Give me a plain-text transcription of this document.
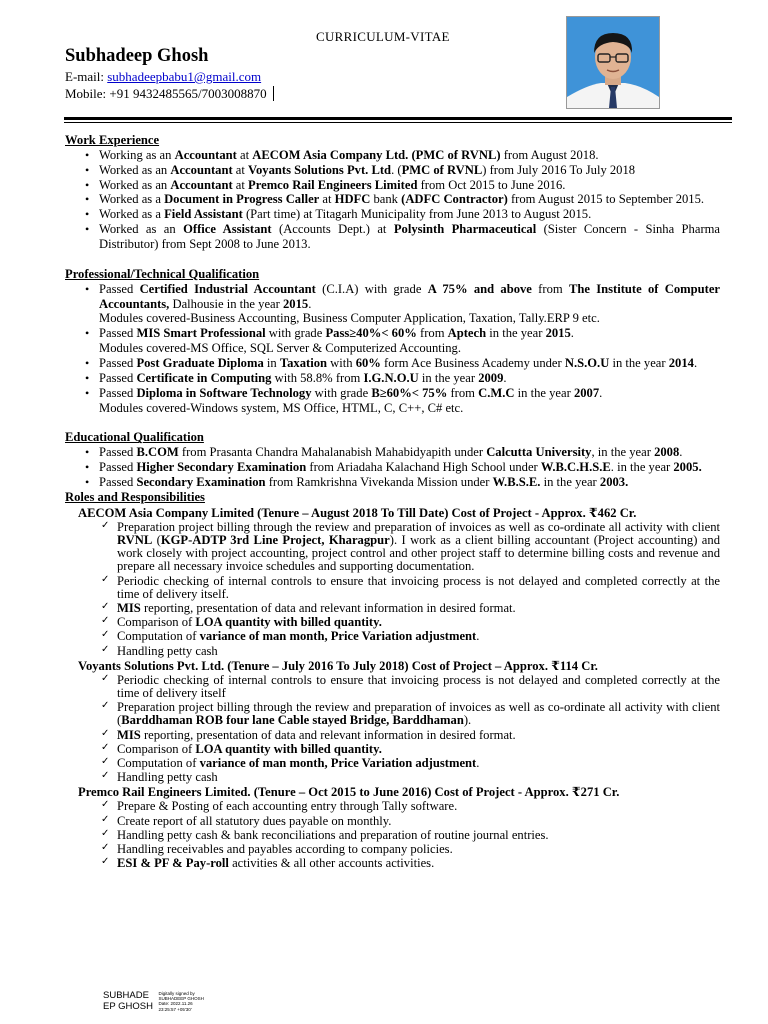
CURRICULUM-VITAE
Subhadeep Ghosh
E-mail: subhadeepbabu1@gmail.com
Mobile: +91 9432485565/7003008870
Work Experience
• Working as an Accountant at AECOM Asia Company Ltd. (PMC of RVNL) from August 2018.
• Worked as an Accountant at Voyants Solutions Pvt. Ltd. (PMC of RVNL) from July 2016 To July 2018
• Worked as an Accountant at Premco Rail Engineers Limited from Oct 2015 to June 2016.
• Worked as a Document in Progress Caller at HDFC bank (ADFC Contractor) from August 2015 to September 2015.
• Worked as a Field Assistant (Part time) at Titagarh Municipality from June 2013 to August 2015.
• Worked as an Office Assistant (Accounts Dept.) at Polysinth Pharmaceutical (Sister Concern - Sinha Pharma Distributor) from Sept 2008 to June 2013.
Professional/Technical Qualification
• Passed Certified Industrial Accountant (C.I.A) with grade A 75% and above from The Institute of Computer Accountants, Dalhousie in the year 2015.
Modules covered-Business Accounting, Business Computer Application, Taxation, Tally.ERP 9 etc.
• Passed MIS Smart Professional with grade Pass≥40%< 60% from Aptech in the year 2015.
Modules covered-MS Office, SQL Server & Computerized Accounting.
• Passed Post Graduate Diploma in Taxation with 60% form Ace Business Academy under N.S.O.U in the year 2014.
• Passed Certificate in Computing with 58.8% from I.G.N.O.U in the year 2009.
• Passed Diploma in Software Technology with grade B≥60%< 75% from C.M.C in the year 2007.
Modules covered-Windows system, MS Office, HTML, C, C++, C# etc.
Educational Qualification
• Passed B.COM from Prasanta Chandra Mahalanabish Mahabidyapith under Calcutta University, in the year 2008.
• Passed Higher Secondary Examination from Ariadaha Kalachand High School under W.B.C.H.S.E. in the year 2005.
• Passed Secondary Examination from Ramkrishna Vivekanda Mission under W.B.S.E. in the year 2003.
Roles and Responsibilities
AECOM Asia Company Limited (Tenure – August 2018 To Till Date) Cost of Project - Approx. ₹462 Cr.
✓ Preparation project billing through the review and preparation of invoices as well as co-ordinate all activity with client RVNL (KGP-ADTP 3rd Line Project, Kharagpur). I work as a client billing accountant (Project accounting) and work closely with project accounting, project control and other project staff to determine billing costs and revenue and prepare all necessary invoice schedules and supporting documentation.
✓ Periodic checking of internal controls to ensure that invoicing process is not delayed and completed correctly at the time of delivery itself.
✓ MIS reporting, presentation of data and relevant information in desired format.
✓ Comparison of LOA quantity with billed quantity.
✓ Computation of variance of man month, Price Variation adjustment.
✓ Handling petty cash
Voyants Solutions Pvt. Ltd. (Tenure – July 2016 To July 2018) Cost of Project – Approx. ₹114 Cr.
✓ Periodic checking of internal controls to ensure that invoicing process is not delayed and completed correctly at the time of delivery itself
✓ Preparation project billing through the review and preparation of invoices as well as co-ordinate all activity with client (Barddhaman ROB four lane Cable stayed Bridge, Barddhaman).
✓ MIS reporting, presentation of data and relevant information in desired format.
✓ Comparison of LOA quantity with billed quantity.
✓ Computation of variance of man month, Price Variation adjustment.
✓ Handling petty cash
Premco Rail Engineers Limited. (Tenure – Oct 2015 to June 2016) Cost of Project - Approx. ₹271 Cr.
✓ Prepare & Posting of each accounting entry through Tally software.
✓ Create report of all statutory dues payable on monthly.
✓ Handling petty cash & bank reconciliations and preparation of routine journal entries.
✓ Handling receivables and payables according to company policies.
✓ ESI & PF & Pay-roll activities & all other accounts activities.
SUBHADE
EP GHOSH Digitally signed by
SUBHADEEP GHOSH
Date: 2022.11.26
23:25:57 +05'30'
